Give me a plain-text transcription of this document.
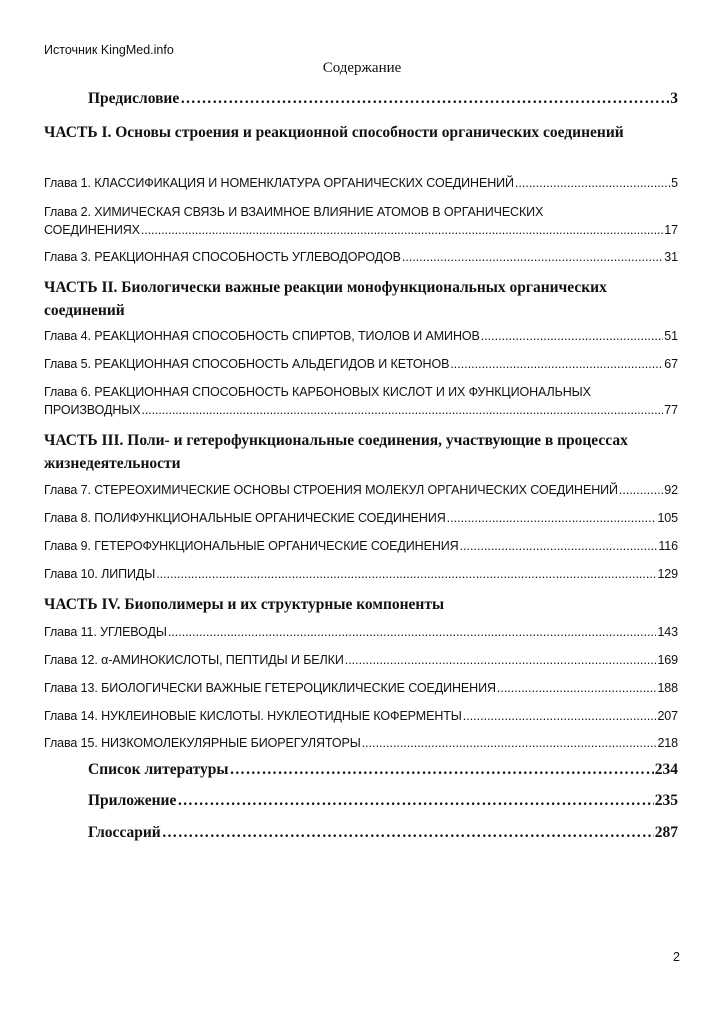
Источник KingMed.info
Содержание
Предисловие …………………………………………………………………………………………………………………………………………………………………………	3
ЧАСТЬ I. Основы строения и реакционной способности органических соединений
Глава 1. КЛАССИФИКАЦИЯ И НОМЕНКЛАТУРА ОРГАНИЧЕСКИХ СОЕДИНЕНИЙ .....	5
Глава 2. ХИМИЧЕСКАЯ СВЯЗЬ И ВЗАИМНОЕ ВЛИЯНИЕ АТОМОВ В ОРГАНИЧЕСКИХ
СОЕДИНЕНИЯХ .....	17
Глава 3. РЕАКЦИОННАЯ СПОСОБНОСТЬ УГЛЕВОДОРОДОВ .....	31
ЧАСТЬ II. Биологически важные реакции монофункциональных органических соединений
Глава 4. РЕАКЦИОННАЯ СПОСОБНОСТЬ СПИРТОВ, ТИОЛОВ И АМИНОВ .....	51
Глава 5. РЕАКЦИОННАЯ СПОСОБНОСТЬ АЛЬДЕГИДОВ И КЕТОНОВ .....	67
Глава 6. РЕАКЦИОННАЯ СПОСОБНОСТЬ КАРБОНОВЫХ КИСЛОТ И ИХ ФУНКЦИОНАЛЬНЫХ
ПРОИЗВОДНЫХ .....	77
ЧАСТЬ III. Поли- и гетерофункциональные соединения, участвующие в процессах жизнедеятельности
Глава 7. СТЕРЕОХИМИЧЕСКИЕ ОСНОВЫ СТРОЕНИЯ МОЛЕКУЛ ОРГАНИЧЕСКИХ СОЕДИНЕНИЙ .....	92
Глава 8. ПОЛИФУНКЦИОНАЛЬНЫЕ ОРГАНИЧЕСКИЕ СОЕДИНЕНИЯ .....	105
Глава 9. ГЕТЕРОФУНКЦИОНАЛЬНЫЕ ОРГАНИЧЕСКИЕ СОЕДИНЕНИЯ .....	116
Глава 10. ЛИПИДЫ .....	129
ЧАСТЬ IV. Биополимеры и их структурные компоненты
Глава 11. УГЛЕВОДЫ .....	143
Глава 12. α-АМИНОКИСЛОТЫ, ПЕПТИДЫ И БЕЛКИ .....	169
Глава 13. БИОЛОГИЧЕСКИ ВАЖНЫЕ ГЕТЕРОЦИКЛИЧЕСКИЕ СОЕДИНЕНИЯ .....	188
Глава 14. НУКЛЕИНОВЫЕ КИСЛОТЫ. НУКЛЕОТИДНЫЕ КОФЕРМЕНТЫ .....	207
Глава 15. НИЗКОМОЛЕКУЛЯРНЫЕ БИОРЕГУЛЯТОРЫ .....	218
Список литературы …………………………………………………………………………………………………………………………………………………………………………	234
Приложение …………………………………………………………………………………………………………………………………………………………………………	235
Глоссарий …………………………………………………………………………………………………………………………………………………………………………	287
2
